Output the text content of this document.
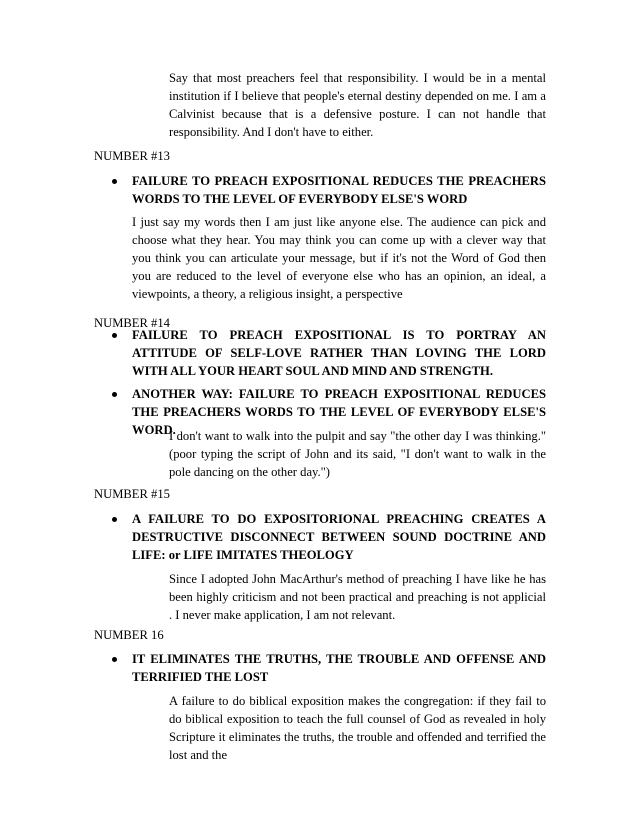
Say that most preachers feel that responsibility. I would be in a mental institution if I believe that people's eternal destiny depended on me. I am a Calvinist because that is a defensive posture. I can not handle that responsibility. And I don't have to either.
NUMBER #13
FAILURE TO PREACH EXPOSITIONAL REDUCES THE PREACHERS WORDS TO THE LEVEL OF EVERYBODY ELSE'S WORD
I just say my words then I am just like anyone else. The audience can pick and choose what they hear. You may think you can come up with a clever way that you think you can articulate your message, but if it's not the Word of God then you are reduced to the level of everyone else who has an opinion, an ideal, a viewpoints, a theory, a religious insight, a perspective
NUMBER #14
FAILURE TO PREACH EXPOSITIONAL IS TO PORTRAY AN ATTITUDE OF SELF-LOVE RATHER THAN LOVING THE LORD WITH ALL YOUR HEART SOUL AND MIND AND STRENGTH.
ANOTHER WAY: FAILURE TO PREACH EXPOSITIONAL REDUCES THE PREACHERS WORDS TO THE LEVEL OF EVERYBODY ELSE'S WORD.
I don't want to walk into the pulpit and say "the other day I was thinking." (poor typing the script of John and its said, "I don't want to walk in the pole dancing on the other day.")
NUMBER #15
A FAILURE TO DO EXPOSITORIONAL PREACHING CREATES A DESTRUCTIVE DISCONNECT BETWEEN SOUND DOCTRINE AND LIFE: or LIFE IMITATES THEOLOGY
Since I adopted John MacArthur's method of preaching I have like he has been highly criticism and not been practical and preaching is not applicial . I never make application, I am not relevant.
NUMBER 16
IT ELIMINATES THE TRUTHS, THE TROUBLE AND OFFENSE AND TERRIFIED THE LOST
A failure to do biblical exposition makes the congregation: if they fail to do biblical exposition to teach the full counsel of God as revealed in holy Scripture it eliminates the truths, the trouble and offended and terrified the lost and the
